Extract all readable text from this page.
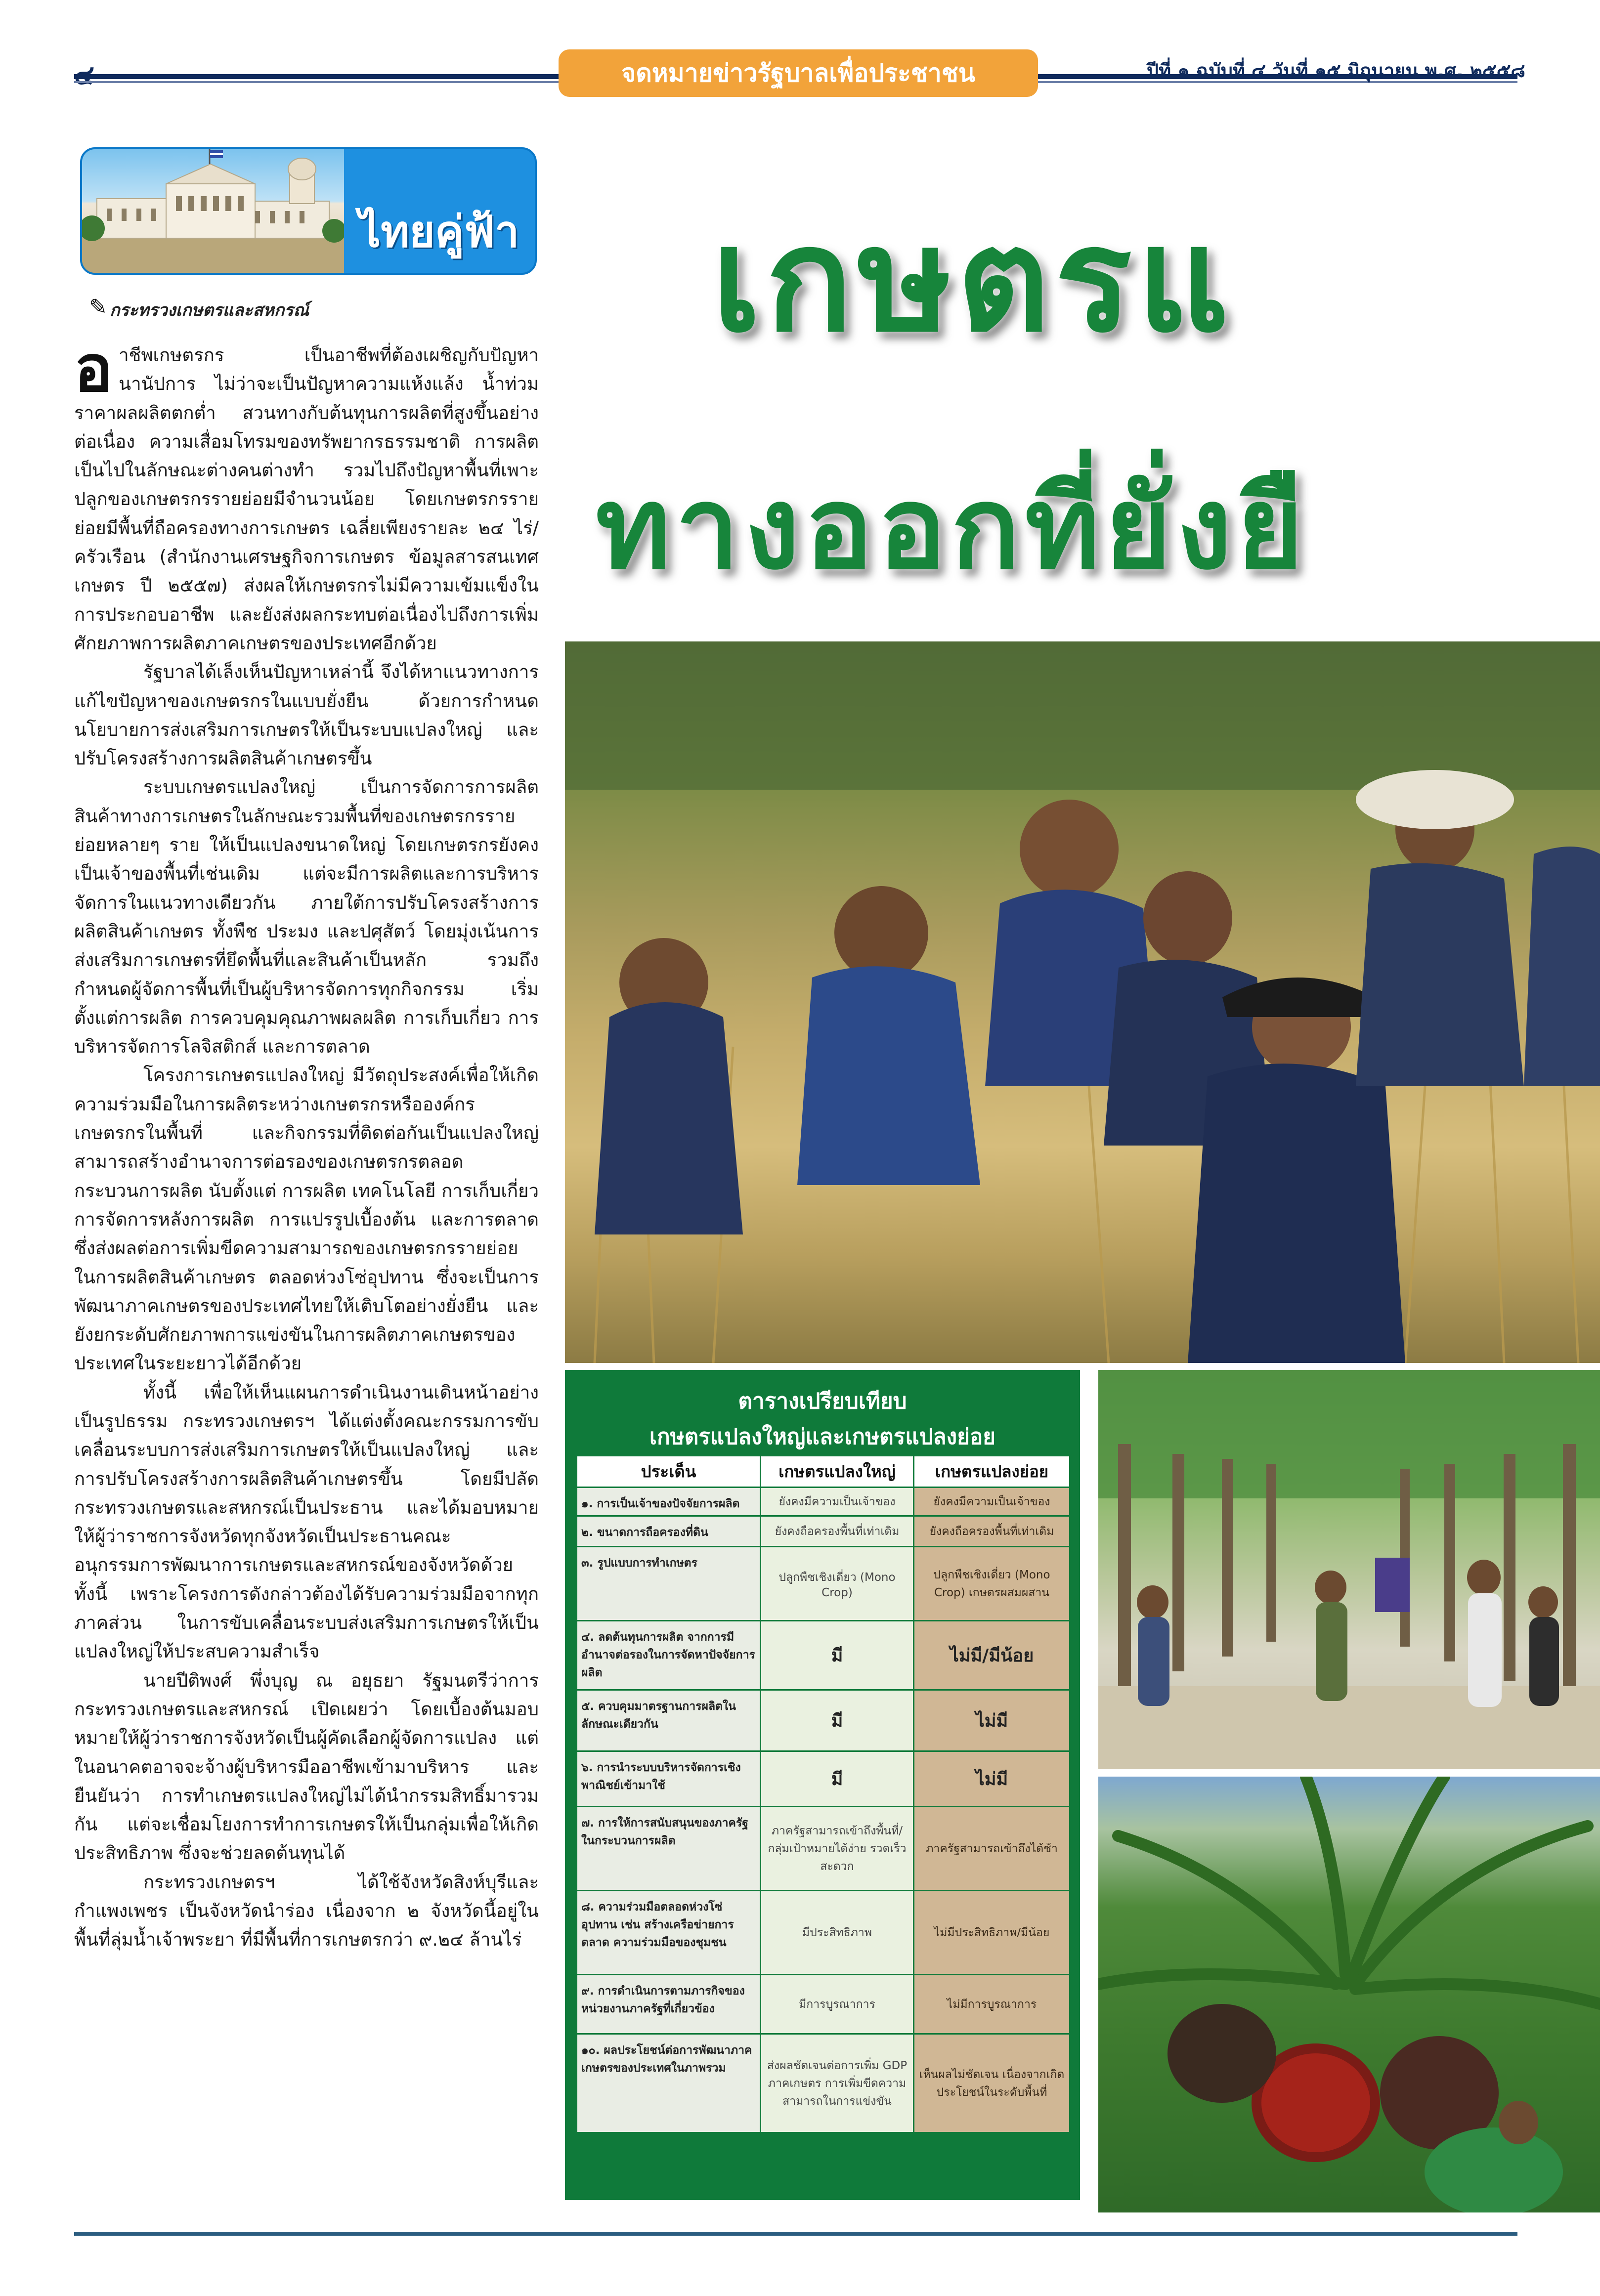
จดหมายข่าวรัฐบาลเพื่อประชาชน	ปีที่ ๑ ฉบับที่ ๔ วันที่ ๑๕ มิถุนายน พ.ศ. ๒๕๕๘
ไทยคู่ฟ้า
✎ กระทรวงเกษตรและสหกรณ์	เกษตรแ
ทางออกที่ยั่งยื

อาชีพเกษตรกร เป็นอาชีพที่ต้องเผชิญกับปัญหานานัปการ ไม่ว่าจะเป็นปัญหาความแห้งแล้ง น้ำท่วม ราคาผลผลิตตกต่ำ สวนทางกับต้นทุนการผลิตที่สูงขึ้นอย่างต่อเนื่อง ความเสื่อมโทรมของทรัพยากรธรรมชาติ การผลิตเป็นไปในลักษณะต่างคนต่างทำ รวมไปถึงปัญหาพื้นที่เพาะปลูกของเกษตรกรรายย่อยมีจำนวนน้อย โดยเกษตรกรรายย่อยมีพื้นที่ถือครองทางการเกษตร เฉลี่ยเพียงรายละ ๒๔ ไร่/ครัวเรือน (สำนักงานเศรษฐกิจการเกษตร ข้อมูลสารสนเทศเกษตร ปี ๒๕๕๗) ส่งผลให้เกษตรกรไม่มีความเข้มแข็งในการประกอบอาชีพ และยังส่งผลกระทบต่อเนื่องไปถึงการเพิ่มศักยภาพการผลิตภาคเกษตรของประเทศอีกด้วย

รัฐบาลได้เล็งเห็นปัญหาเหล่านี้ จึงได้หาแนวทางการแก้ไขปัญหาของเกษตรกรในแบบยั่งยืน ด้วยการกำหนดนโยบายการส่งเสริมการเกษตรให้เป็นระบบแปลงใหญ่ และปรับโครงสร้างการผลิตสินค้าเกษตรขึ้น

ระบบเกษตรแปลงใหญ่ เป็นการจัดการการผลิตสินค้าทางการเกษตรในลักษณะรวมพื้นที่ของเกษตรกรรายย่อยหลายๆ ราย ให้เป็นแปลงขนาดใหญ่ โดยเกษตรกรยังคงเป็นเจ้าของพื้นที่เช่นเดิม แต่จะมีการผลิตและการบริหารจัดการในแนวทางเดียวกัน ภายใต้การปรับโครงสร้างการผลิตสินค้าเกษตร ทั้งพืช ประมง และปศุสัตว์ โดยมุ่งเน้นการส่งเสริมการเกษตรที่ยึดพื้นที่และสินค้าเป็นหลัก รวมถึงกำหนดผู้จัดการพื้นที่เป็นผู้บริหารจัดการทุกกิจกรรม เริ่มตั้งแต่การผลิต การควบคุมคุณภาพผลผลิต การเก็บเกี่ยว การบริหารจัดการโลจิสติกส์ และการตลาด

โครงการเกษตรแปลงใหญ่ มีวัตถุประสงค์เพื่อให้เกิดความร่วมมือในการผลิตระหว่างเกษตรกรหรือองค์กรเกษตรกรในพื้นที่ และกิจกรรมที่ติดต่อกันเป็นแปลงใหญ่ สามารถสร้างอำนาจการต่อรองของเกษตรกรตลอดกระบวนการผลิต นับตั้งแต่ การผลิต เทคโนโลยี การเก็บเกี่ยว การจัดการหลังการผลิต การแปรรูปเบื้องต้น และการตลาด ซึ่งส่งผลต่อการเพิ่มขีดความสามารถของเกษตรกรรายย่อยในการผลิตสินค้าเกษตร ตลอดห่วงโซ่อุปทาน ซึ่งจะเป็นการพัฒนาภาคเกษตรของประเทศไทยให้เติบโตอย่างยั่งยืน และยังยกระดับศักยภาพการแข่งขันในการผลิตภาคเกษตรของประเทศในระยะยาวได้อีกด้วย

ทั้งนี้ เพื่อให้เห็นแผนการดำเนินงานเดินหน้าอย่างเป็นรูปธรรม กระทรวงเกษตรฯ ได้แต่งตั้งคณะกรรมการขับเคลื่อนระบบการส่งเสริมการเกษตรให้เป็นแปลงใหญ่ และการปรับโครงสร้างการผลิตสินค้าเกษตรขึ้น โดยมีปลัดกระทรวงเกษตรและสหกรณ์เป็นประธาน และได้มอบหมายให้ผู้ว่าราชการจังหวัดทุกจังหวัดเป็นประธานคณะอนุกรรมการพัฒนาการเกษตรและสหกรณ์ของจังหวัดด้วย ทั้งนี้ เพราะโครงการดังกล่าวต้องได้รับความร่วมมือจากทุกภาคส่วน ในการขับเคลื่อนระบบส่งเสริมการเกษตรให้เป็นแปลงใหญ่ให้ประสบความสำเร็จ

นายปีติพงศ์ พึ่งบุญ ณ อยุธยา รัฐมนตรีว่าการกระทรวงเกษตรและสหกรณ์ เปิดเผยว่า โดยเบื้องต้นมอบหมายให้ผู้ว่าราชการจังหวัดเป็นผู้คัดเลือกผู้จัดการแปลง แต่ในอนาคตอาจจะจ้างผู้บริหารมืออาชีพเข้ามาบริหาร และยืนยันว่า การทำเกษตรแปลงใหญ่ไม่ได้นำกรรมสิทธิ์มารวมกัน แต่จะเชื่อมโยงการทำการเกษตรให้เป็นกลุ่มเพื่อให้เกิดประสิทธิภาพ ซึ่งจะช่วยลดต้นทุนได้

กระทรวงเกษตรฯ ได้ใช้จังหวัดสิงห์บุรีและกำแพงเพชร เป็นจังหวัดนำร่อง เนื่องจาก ๒ จังหวัดนี้อยู่ในพื้นที่ลุ่มน้ำเจ้าพระยา ที่มีพื้นที่การเกษตรกว่า ๙.๒๔ ล้านไร่

ตารางเปรียบเทียบ
เกษตรแปลงใหญ่และเกษตรแปลงย่อย
ประเด็น	เกษตรแปลงใหญ่	เกษตรแปลงย่อย
๑. การเป็นเจ้าของปัจจัยการผลิต	ยังคงมีความเป็นเจ้าของ	ยังคงมีความเป็นเจ้าของ
๒. ขนาดการถือครองที่ดิน	ยังคงถือครองพื้นที่เท่าเดิม	ยังคงถือครองพื้นที่เท่าเดิม
๓. รูปแบบการทำเกษตร	ปลูกพืชเชิงเดี่ยว (Mono Crop)	ปลูกพืชเชิงเดี่ยว (Mono Crop) เกษตรผสมผสาน
๔. ลดต้นทุนการผลิต จากการมีอำนาจต่อรองในการจัดหาปัจจัยการผลิต	มี	ไม่มี/มีน้อย
๕. ควบคุมมาตรฐานการผลิตในลักษณะเดียวกัน	มี	ไม่มี
๖. การนำระบบบริหารจัดการเชิงพาณิชย์เข้ามาใช้	มี	ไม่มี
๗. การให้การสนับสนุนของภาครัฐในกระบวนการผลิต	ภาครัฐสามารถเข้าถึงพื้นที่/กลุ่มเป้าหมายได้ง่าย รวดเร็ว สะดวก	ภาครัฐสามารถเข้าถึงได้ช้า
๘. ความร่วมมือตลอดห่วงโซ่อุปทาน เช่น สร้างเครือข่ายการตลาด ความร่วมมือของชุมชน	มีประสิทธิภาพ	ไม่มีประสิทธิภาพ/มีน้อย
๙. การดำเนินการตามภารกิจของหน่วยงานภาครัฐที่เกี่ยวข้อง	มีการบูรณาการ	ไม่มีการบูรณาการ
๑๐. ผลประโยชน์ต่อการพัฒนาภาคเกษตรของประเทศในภาพรวม	ส่งผลชัดเจนต่อการเพิ่ม GDP ภาคเกษตร การเพิ่มขีดความสามารถในการแข่งขัน	เห็นผลไม่ชัดเจน เนื่องจากเกิดประโยชน์ในระดับพื้นที่
